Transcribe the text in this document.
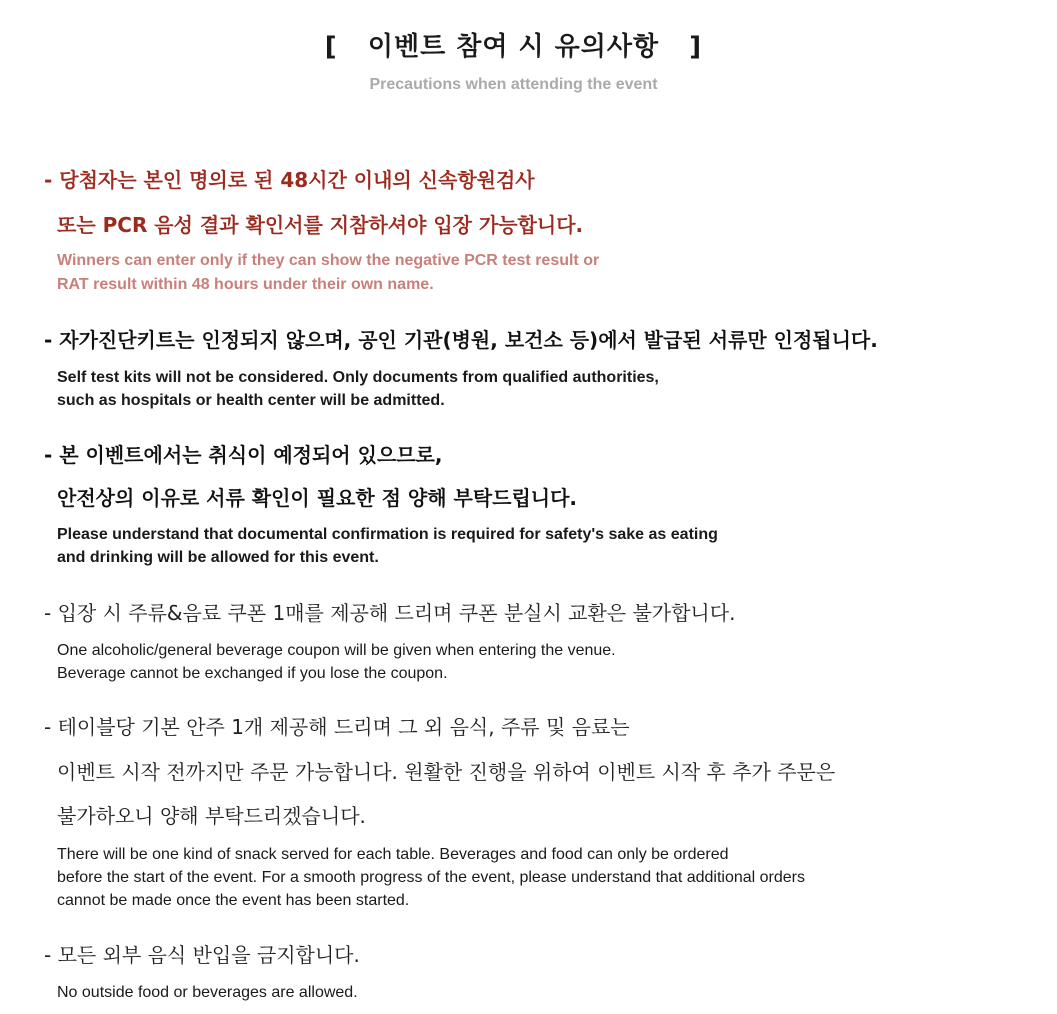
[   이벤트 참여 시 유의사항   ]
Precautions when attending the event
- 당첨자는 본인 명의로 된 48시간 이내의 신속항원검사
또는 PCR 음성 결과 확인서를 지참하셔야 입장 가능합니다.
Winners can enter only if they can show the negative PCR test result or
RAT result within 48 hours under their own name.
- 자가진단키트는 인정되지 않으며, 공인 기관(병원, 보건소 등)에서 발급된 서류만 인정됩니다.
Self test kits will not be considered. Only documents from qualified authorities,
such as hospitals or health center will be admitted.
- 본 이벤트에서는 취식이 예정되어 있으므로,
안전상의 이유로 서류 확인이 필요한 점 양해 부탁드립니다.
Please understand that documental confirmation is required for safety's sake as eating
and drinking will be allowed for this event.
- 입장 시 주류&음료 쿠폰 1매를 제공해 드리며 쿠폰 분실시 교환은 불가합니다.
One alcoholic/general beverage coupon will be given when entering the venue.
Beverage cannot be exchanged if you lose the coupon.
- 테이블당 기본 안주 1개 제공해 드리며 그 외 음식, 주류 및 음료는
이벤트 시작 전까지만 주문 가능합니다. 원활한 진행을 위하여 이벤트 시작 후 추가 주문은
불가하오니 양해 부탁드리겠습니다.
There will be one kind of snack served for each table. Beverages and food can only be ordered
before the start of the event. For a smooth progress of the event, please understand that additional orders
cannot be made once the event has been started.
- 모든 외부 음식 반입을 금지합니다.
No outside food or beverages are allowed.
